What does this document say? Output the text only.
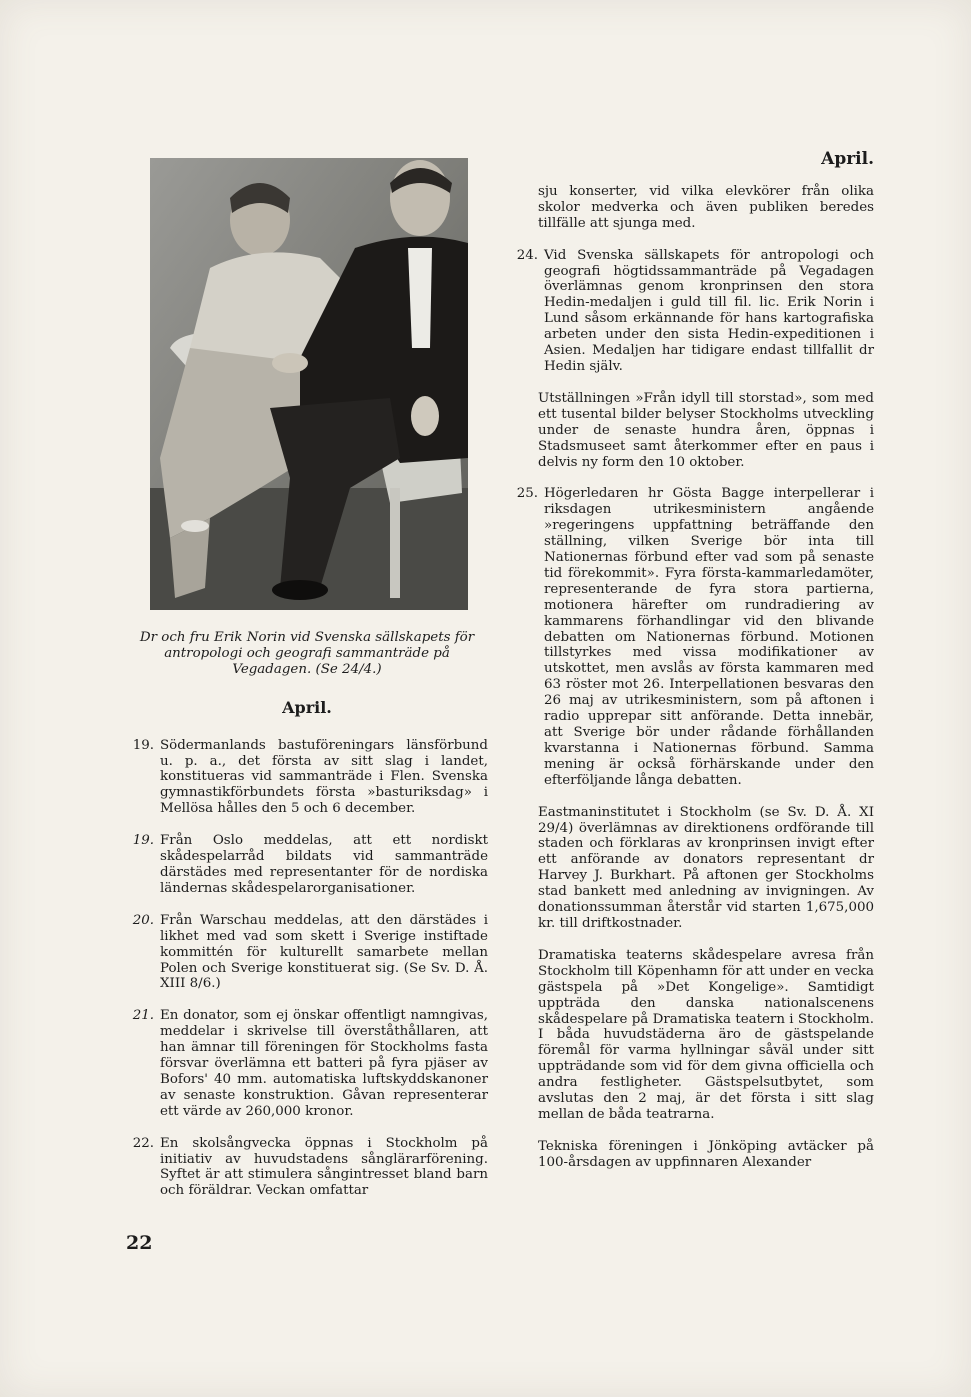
Dr och fru Erik Norin vid Svenska sällskapets för antropologi och geografi sammanträde på Vegadagen. (Se 24/4.)

April.
19. Södermanlands bastuföreningars länsförbund u. p. a., det första av sitt slag i landet, konstitueras vid sammanträde i Flen. Svenska gymnastikförbundets första »basturiksdag» i Mellösa hålles den 5 och 6 december.
19. Från Oslo meddelas, att ett nordiskt skådespelarråd bildats vid sammanträde därstädes med representanter för de nordiska ländernas skådespelarorganisationer.
20. Från Warschau meddelas, att den därstädes i likhet med vad som skett i Sverige instiftade kommittén för kulturellt samarbete mellan Polen och Sverige konstituerat sig. (Se Sv. D. Å. XIII 8/6.)
21. En donator, som ej önskar offentligt namngivas, meddelar i skrivelse till överståthållaren, att han ämnar till föreningen för Stockholms fasta försvar överlämna ett batteri på fyra pjäser av Bofors' 40 mm. automatiska luftskyddskanoner av senaste konstruktion. Gåvan representerar ett värde av 260,000 kronor.
22. En skolsångvecka öppnas i Stockholm på initiativ av huvudstadens sånglärarförening. Syftet är att stimulera sångintresset bland barn och föräldrar. Veckan omfattar
April.

sju konserter, vid vilka elevkörer från olika skolor medverka och även publiken beredes tillfälle att sjunga med.

24. Vid Svenska sällskapets för antropologi och geografi högtidssammanträde på Vegadagen överlämnas genom kronprinsen den stora Hedin-medaljen i guld till fil. lic. Erik Norin i Lund såsom erkännande för hans kartografiska arbeten under den sista Hedin-expeditionen i Asien. Medaljen har tidigare endast tillfallit dr Hedin själv.

Utställningen »Från idyll till storstad», som med ett tusental bilder belyser Stockholms utveckling under de senaste hundra åren, öppnas i Stadsmuseet samt återkommer efter en paus i delvis ny form den 10 oktober.

25. Högerledaren hr Gösta Bagge interpellerar i riksdagen utrikesministern angående »regeringens uppfattning beträffande den ställning, vilken Sverige bör inta till Nationernas förbund efter vad som på senaste tid förekommit». Fyra första-kammarledamöter, representerande de fyra stora partierna, motionera härefter om rundradiering av kammarens förhandlingar vid den blivande debatten om Nationernas förbund. Motionen tillstyrkes med vissa modifikationer av utskottet, men avslås av första kammaren med 63 röster mot 26. Interpellationen besvaras den 26 maj av utrikesministern, som på aftonen i radio upprepar sitt anförande. Detta innebär, att Sverige bör under rådande förhållanden kvarstanna i Nationernas förbund. Samma mening är också förhärskande under den efterföljande långa debatten.

Eastmaninstitutet i Stockholm (se Sv. D. Å. XI 29/4) överlämnas av direktionens ordförande till staden och förklaras av kronprinsen invigt efter ett anförande av donators representant dr Harvey J. Burkhart. På aftonen ger Stockholms stad bankett med anledning av invigningen. Av donationssumman återstår vid starten 1,675,000 kr. till driftkostnader.

Dramatiska teaterns skådespelare avresa från Stockholm till Köpenhamn för att under en vecka gästspela på »Det Kongelige». Samtidigt uppträda den danska nationalscenens skådespelare på Dramatiska teatern i Stockholm. I båda huvudstäderna äro de gästspelande föremål för varma hyllningar såväl under sitt uppträdande som vid för dem givna officiella och andra festligheter. Gästspelsutbytet, som avslutas den 2 maj, är det första i sitt slag mellan de båda teatrarna.

Tekniska föreningen i Jönköping avtäcker på 100-årsdagen av uppfinnaren Alexander

22
